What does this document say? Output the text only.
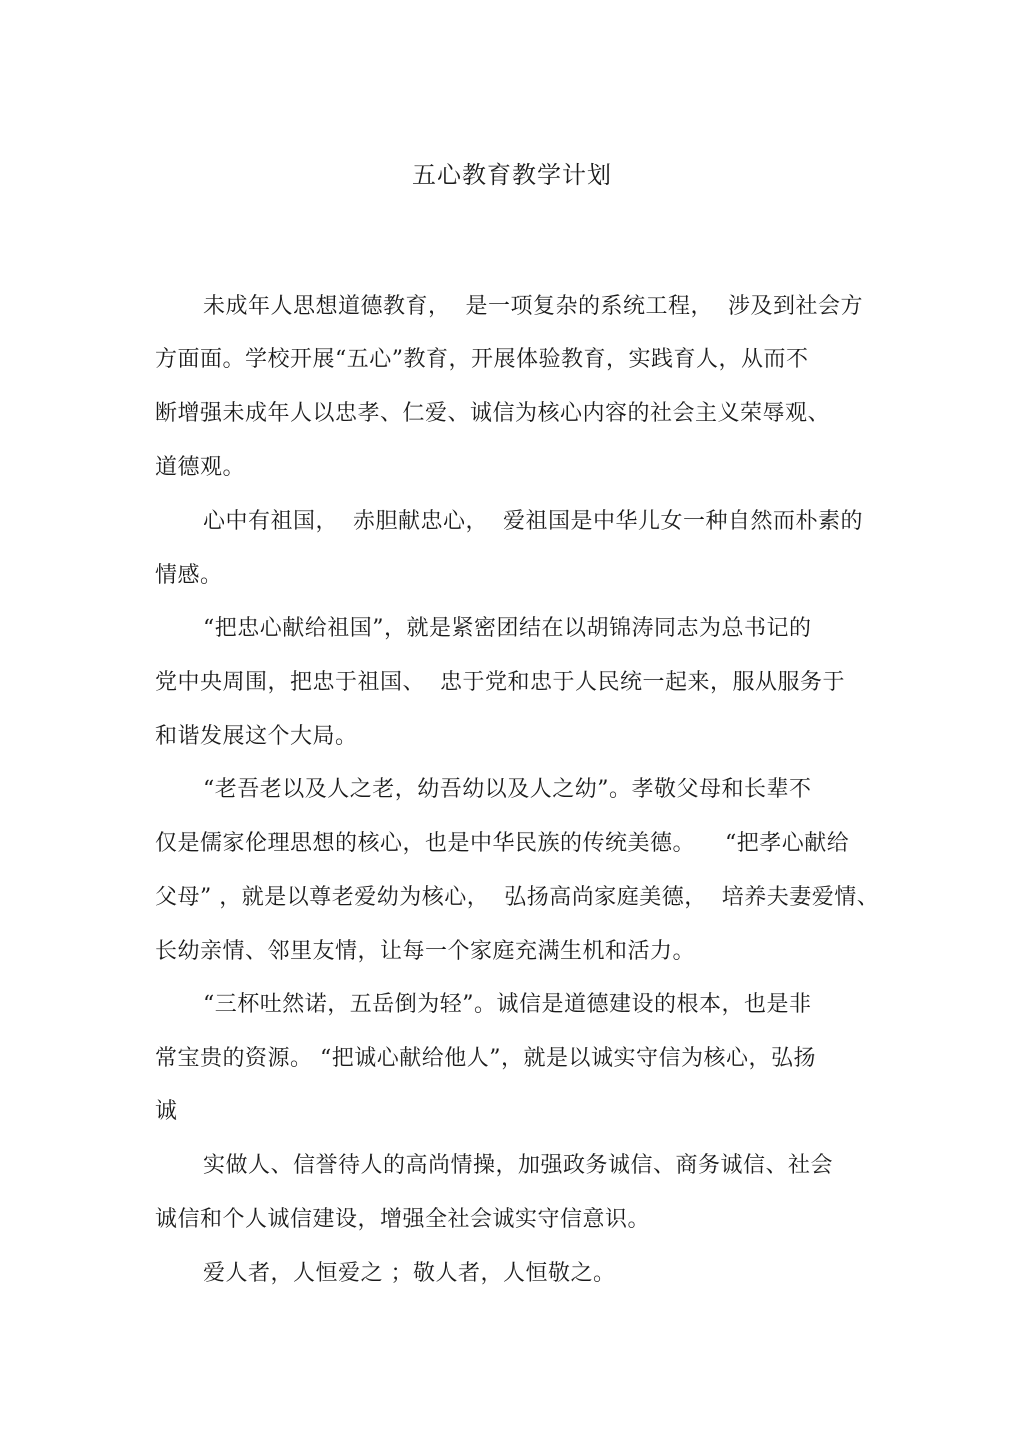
五心教育教学计划
未成年人思想道德教育，  是一项复杂的系统工程，  涉及到社会方
方面面。学校开展“五心”教育，开展体验教育，实践育人，从而不
断增强未成年人以忠孝、仁爱、诚信为核心内容的社会主义荣辱观、
道德观。
心中有祖国，  赤胆献忠心，  爱祖国是中华儿女一种自然而朴素的
情感。
“把忠心献给祖国”，就是紧密团结在以胡锦涛同志为总书记的
党中央周围，把忠于祖国、  忠于党和忠于人民统一起来，服从服务于
和谐发展这个大局。
“老吾老以及人之老，幼吾幼以及人之幼”。孝敬父母和长辈不
仅是儒家伦理思想的核心，也是中华民族的传统美德。    “把孝心献给
父母” ，就是以尊老爱幼为核心，  弘扬高尚家庭美德，  培养夫妻爱情、
长幼亲情、邻里友情，让每一个家庭充满生机和活力。
“三杯吐然诺，五岳倒为轻”。诚信是道德建设的根本，也是非
常宝贵的资源。 “把诚心献给他人”，就是以诚实守信为核心，弘扬
诚
实做人、信誉待人的高尚情操，加强政务诚信、商务诚信、社会
诚信和个人诚信建设，增强全社会诚实守信意识。
爱人者，人恒爱之 ；敬人者，人恒敬之。
